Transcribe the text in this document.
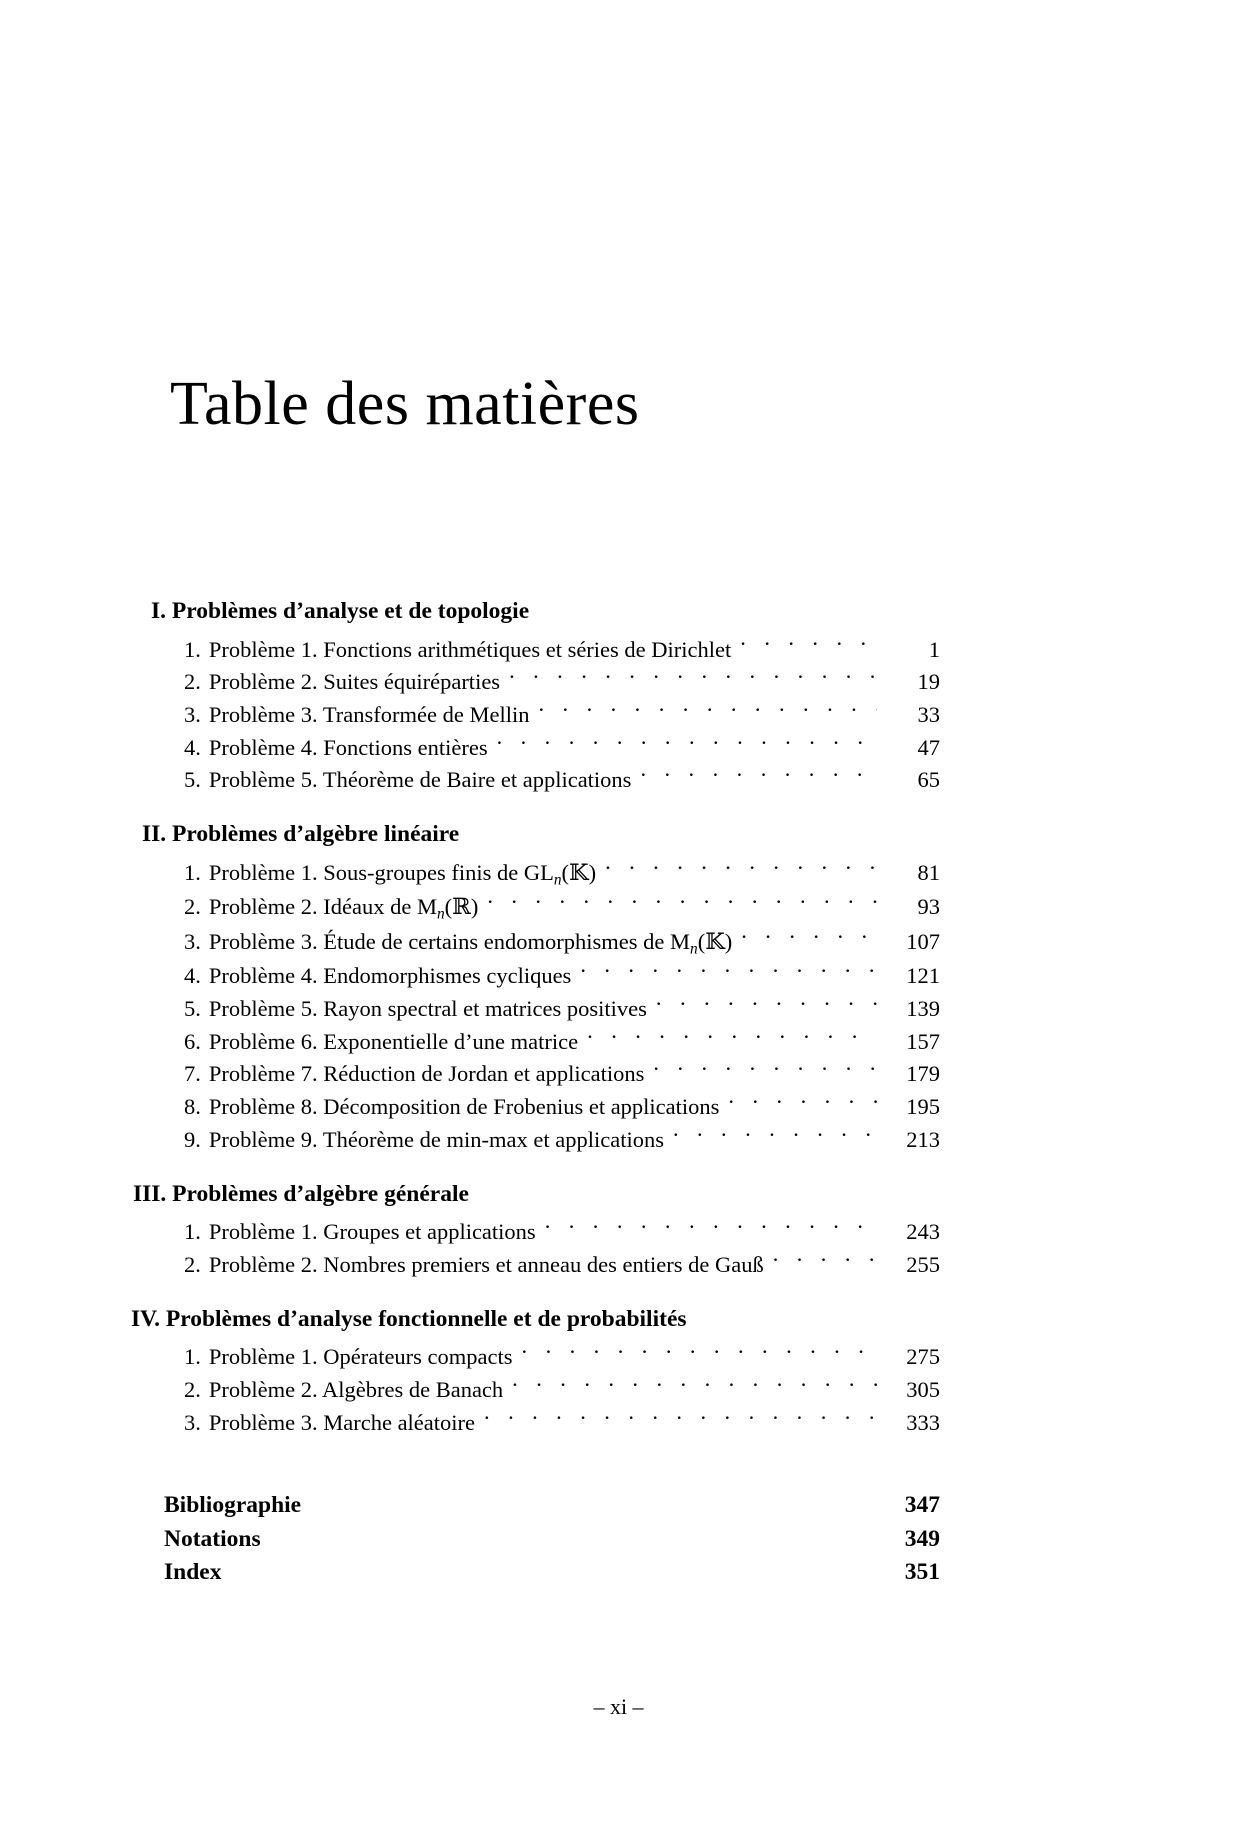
Table des matières
I. Problèmes d’analyse et de topologie
1. Problème 1. Fonctions arithmétiques et séries de Dirichlet . . .	1
2. Problème 2. Suites équiréparties . . .	19
3. Problème 3. Transformée de Mellin . . .	33
4. Problème 4. Fonctions entières . . .	47
5. Problème 5. Théorème de Baire et applications . . .	65
II. Problèmes d’algèbre linéaire
1. Problème 1. Sous-groupes finis de $GL_n(𝕂)$ . . .	81
2. Problème 2. Idéaux de $M_n(ℝ)$ . . .	93
3. Problème 3. Étude de certains endomorphismes de $M_n(𝕂)$ . . .	107
4. Problème 4. Endomorphismes cycliques . . .	121
5. Problème 5. Rayon spectral et matrices positives . . .	139
6. Problème 6. Exponentielle d’une matrice . . .	157
7. Problème 7. Réduction de Jordan et applications . . .	179
8. Problème 8. Décomposition de Frobenius et applications . . .	195
9. Problème 9. Théorème de min-max et applications . . .	213
III. Problèmes d’algèbre générale
1. Problème 1. Groupes et applications . . .	243
2. Problème 2. Nombres premiers et anneau des entiers de Gauß . . .	255
IV. Problèmes d’analyse fonctionnelle et de probabilités
1. Problème 1. Opérateurs compacts . . .	275
2. Problème 2. Algèbres de Banach . . .	305
3. Problème 3. Marche aléatoire . . .	333
Bibliographie	347
Notations	349
Index	351
– xi –
